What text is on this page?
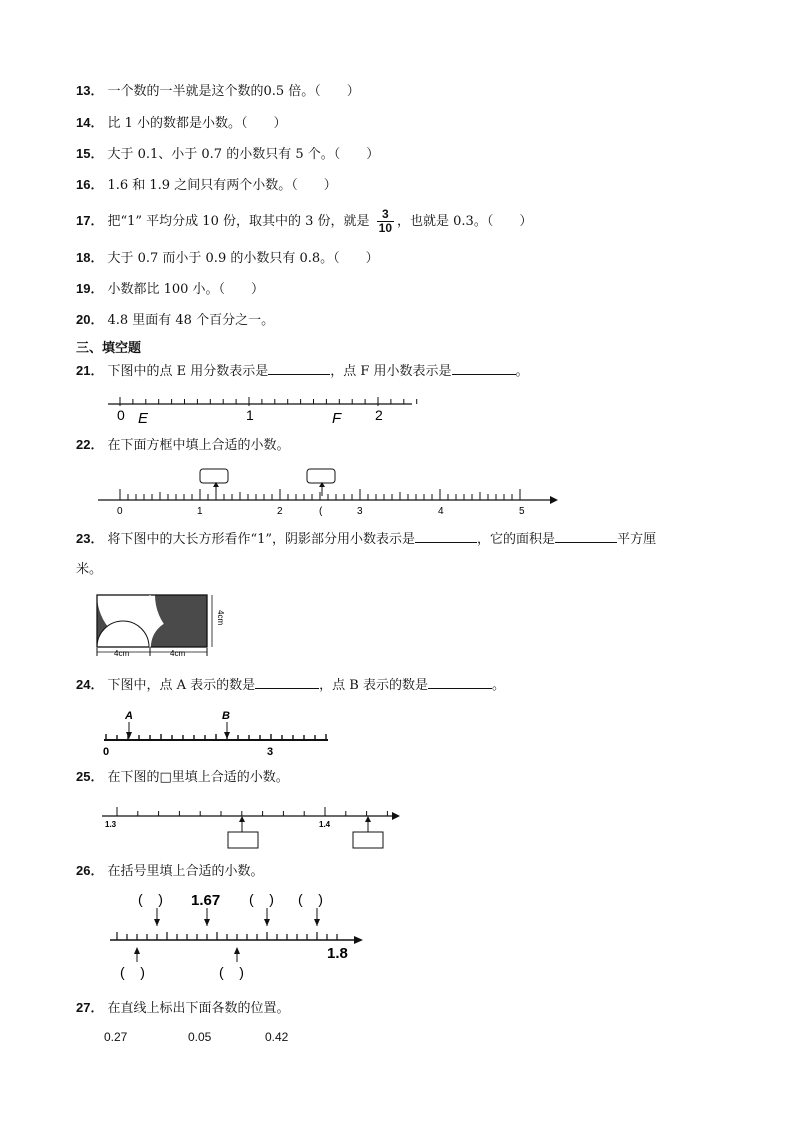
13． 一个数的一半就是这个数的0.5 倍。（　　）
14． 比 1 小的数都是小数。（　　）
15． 大于 0.1、小于 0.7 的小数只有 5 个。（　　）
16． 1.6 和 1.9 之间只有两个小数。（　　）
17． 把“1” 平均分成 10 份，取其中的 3 份，就是 $\frac{3}{10}$ ，也就是 0.3。（　　）
18． 大于 0.7 而小于 0.9 的小数只有 0.8。（　　）
19． 小数都比 100 小。（　　）
20． 4.8 里面有 48 个百分之一。
三、填空题
21． 下图中的点 E 用分数表示是	，点 F 用小数表示是	。
0 E	1	F 2
22． 在下面方框中填上合适的小数。
0	1	2	(	3	4	5
23． 将下图中的大长方形看作“1”，阴影部分用小数表示是	，它的面积是	平方厘
米。
4cm	4cm
4cm
24． 下图中，点 A 表示的数是	，点 B 表示的数是	。
A	B
0	3
25． 在下图的□里填上合适的小数。
1.3	1.4
26． 在括号里填上合适的小数。
(    ) 1.67 (    ) (    )
1.8
(    )	(    )
27． 在直线上标出下面各数的位置。
0.27	0.05	0.42
